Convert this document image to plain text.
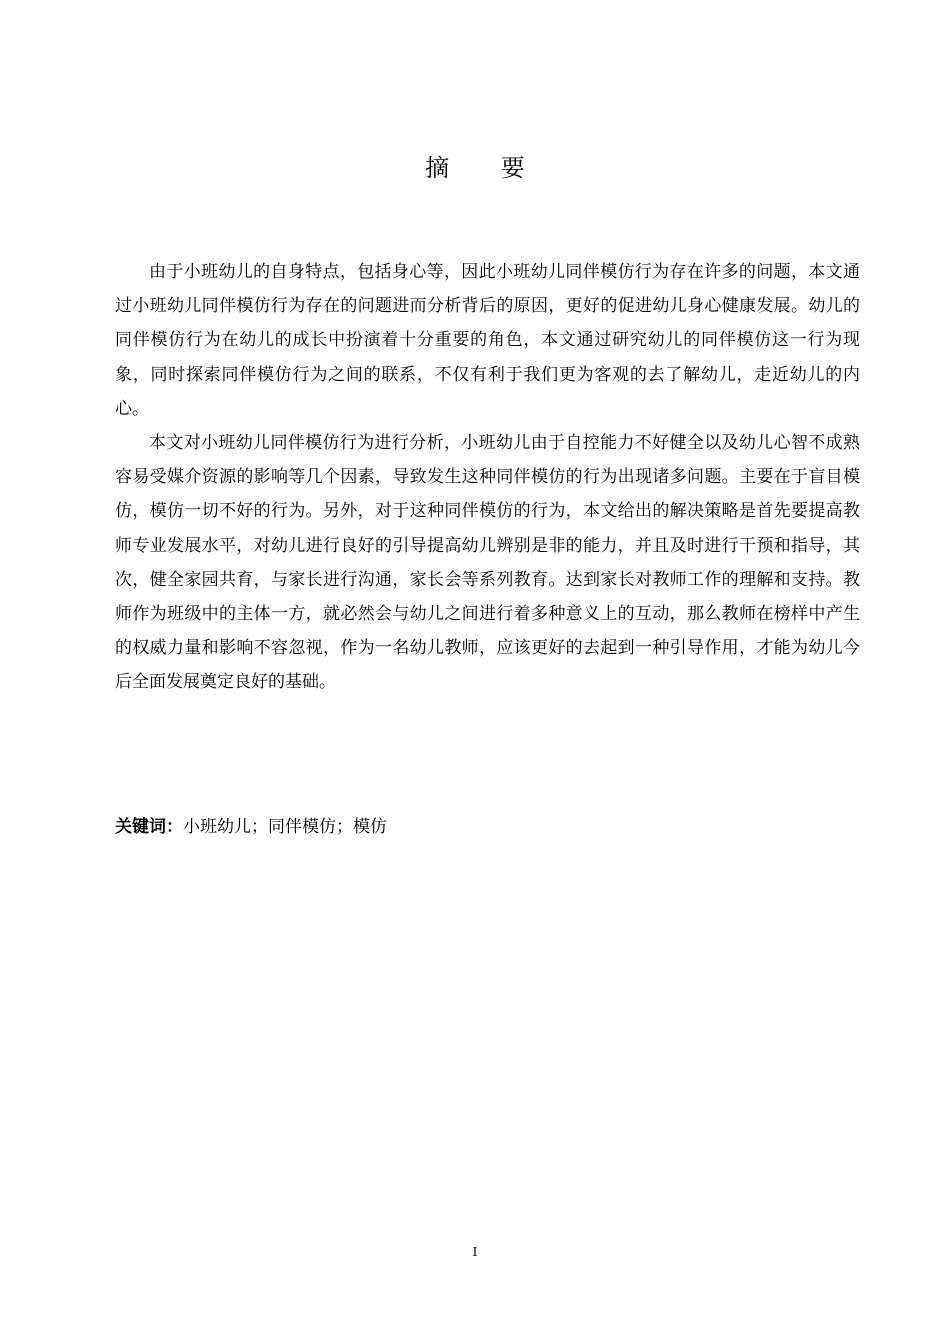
摘 要

由于小班幼儿的自身特点，包括身心等，因此小班幼儿同伴模仿行为存在许多的问题，本文通过小班幼儿同伴模仿行为存在的问题进而分析背后的原因，更好的促进幼儿身心健康发展。幼儿的同伴模仿行为在幼儿的成长中扮演着十分重要的角色，本文通过研究幼儿的同伴模仿这一行为现象，同时探索同伴模仿行为之间的联系，不仅有利于我们更为客观的去了解幼儿，走近幼儿的内心。

本文对小班幼儿同伴模仿行为进行分析，小班幼儿由于自控能力不好健全以及幼儿心智不成熟容易受媒介资源的影响等几个因素，导致发生这种同伴模仿的行为出现诸多问题。主要在于盲目模仿，模仿一切不好的行为。另外，对于这种同伴模仿的行为，本文给出的解决策略是首先要提高教师专业发展水平，对幼儿进行良好的引导提高幼儿辨别是非的能力，并且及时进行干预和指导，其次，健全家园共育，与家长进行沟通，家长会等系列教育。达到家长对教师工作的理解和支持。教师作为班级中的主体一方，就必然会与幼儿之间进行着多种意义上的互动，那么教师在榜样中产生的权威力量和影响不容忽视，作为一名幼儿教师，应该更好的去起到一种引导作用，才能为幼儿今后全面发展奠定良好的基础。

关键词：小班幼儿；同伴模仿；模仿

I
